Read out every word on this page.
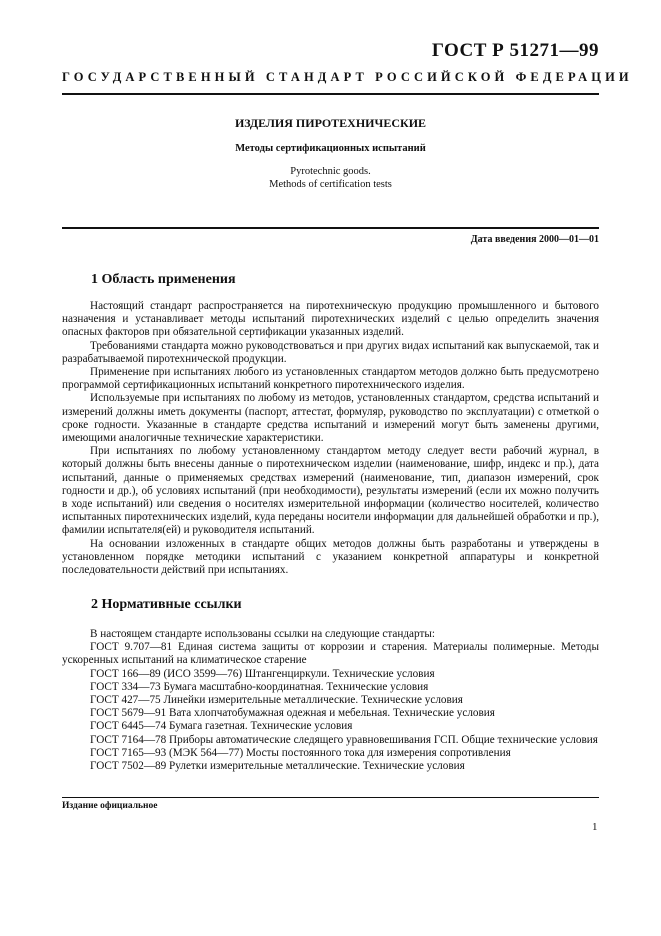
ГОСТ Р 51271—99
ГОСУДАРСТВЕННЫЙ СТАНДАРТ РОССИЙСКОЙ ФЕДЕРАЦИИ
ИЗДЕЛИЯ ПИРОТЕХНИЧЕСКИЕ
Методы сертификационных испытаний
Pyrotechnic goods.
Methods of certification tests
Дата введения 2000—01—01
1 Область применения

Настоящий стандарт распространяется на пиротехническую продукцию промышленного и бытового назначения и устанавливает методы испытаний пиротехнических изделий с целью определить значения опасных факторов при обязательной сертификации указанных изделий.

Требованиями стандарта можно руководствоваться и при других видах испытаний как выпускаемой, так и разрабатываемой пиротехнической продукции.

Применение при испытаниях любого из установленных стандартом методов должно быть предусмотрено программой сертификационных испытаний конкретного пиротехнического изделия.

Используемые при испытаниях по любому из методов, установленных стандартом, средства испытаний и измерений должны иметь документы (паспорт, аттестат, формуляр, руководство по эксплуатации) с отметкой о сроке годности. Указанные в стандарте средства испытаний и измерений могут быть заменены другими, имеющими аналогичные технические характеристики.

При испытаниях по любому установленному стандартом методу следует вести рабочий журнал, в который должны быть внесены данные о пиротехническом изделии (наименование, шифр, индекс и пр.), дата испытаний, данные о применяемых средствах измерений (наименование, тип, диапазон измерений, срок годности и др.), об условиях испытаний (при необходимости), результаты измерений (если их можно получить в ходе испытаний) или сведения о носителях измерительной информации (количество носителей, количество испытанных пиротехнических изделий, куда переданы носители информации для дальнейшей обработки и пр.), фамилии испытателя(ей) и руководителя испытаний.

На основании изложенных в стандарте общих методов должны быть разработаны и утверждены в установленном порядке методики испытаний с указанием конкретной аппаратуры и конкретной последовательности действий при испытаниях.

2 Нормативные ссылки

В настоящем стандарте использованы ссылки на следующие стандарты:

ГОСТ 9.707—81 Единая система защиты от коррозии и старения. Материалы полимерные. Методы ускоренных испытаний на климатическое старение

ГОСТ 166—89 (ИСО 3599—76) Штангенциркули. Технические условия

ГОСТ 334—73 Бумага масштабно-координатная. Технические условия

ГОСТ 427—75 Линейки измерительные металлические. Технические условия

ГОСТ 5679—91 Вата хлопчатобумажная одежная и мебельная. Технические условия

ГОСТ 6445—74 Бумага газетная. Технические условия

ГОСТ 7164—78 Приборы автоматические следящего уравновешивания ГСП. Общие технические условия

ГОСТ 7165—93 (МЭК 564—77) Мосты постоянного тока для измерения сопротивления

ГОСТ 7502—89 Рулетки измерительные металлические. Технические условия

Издание официальное
1
